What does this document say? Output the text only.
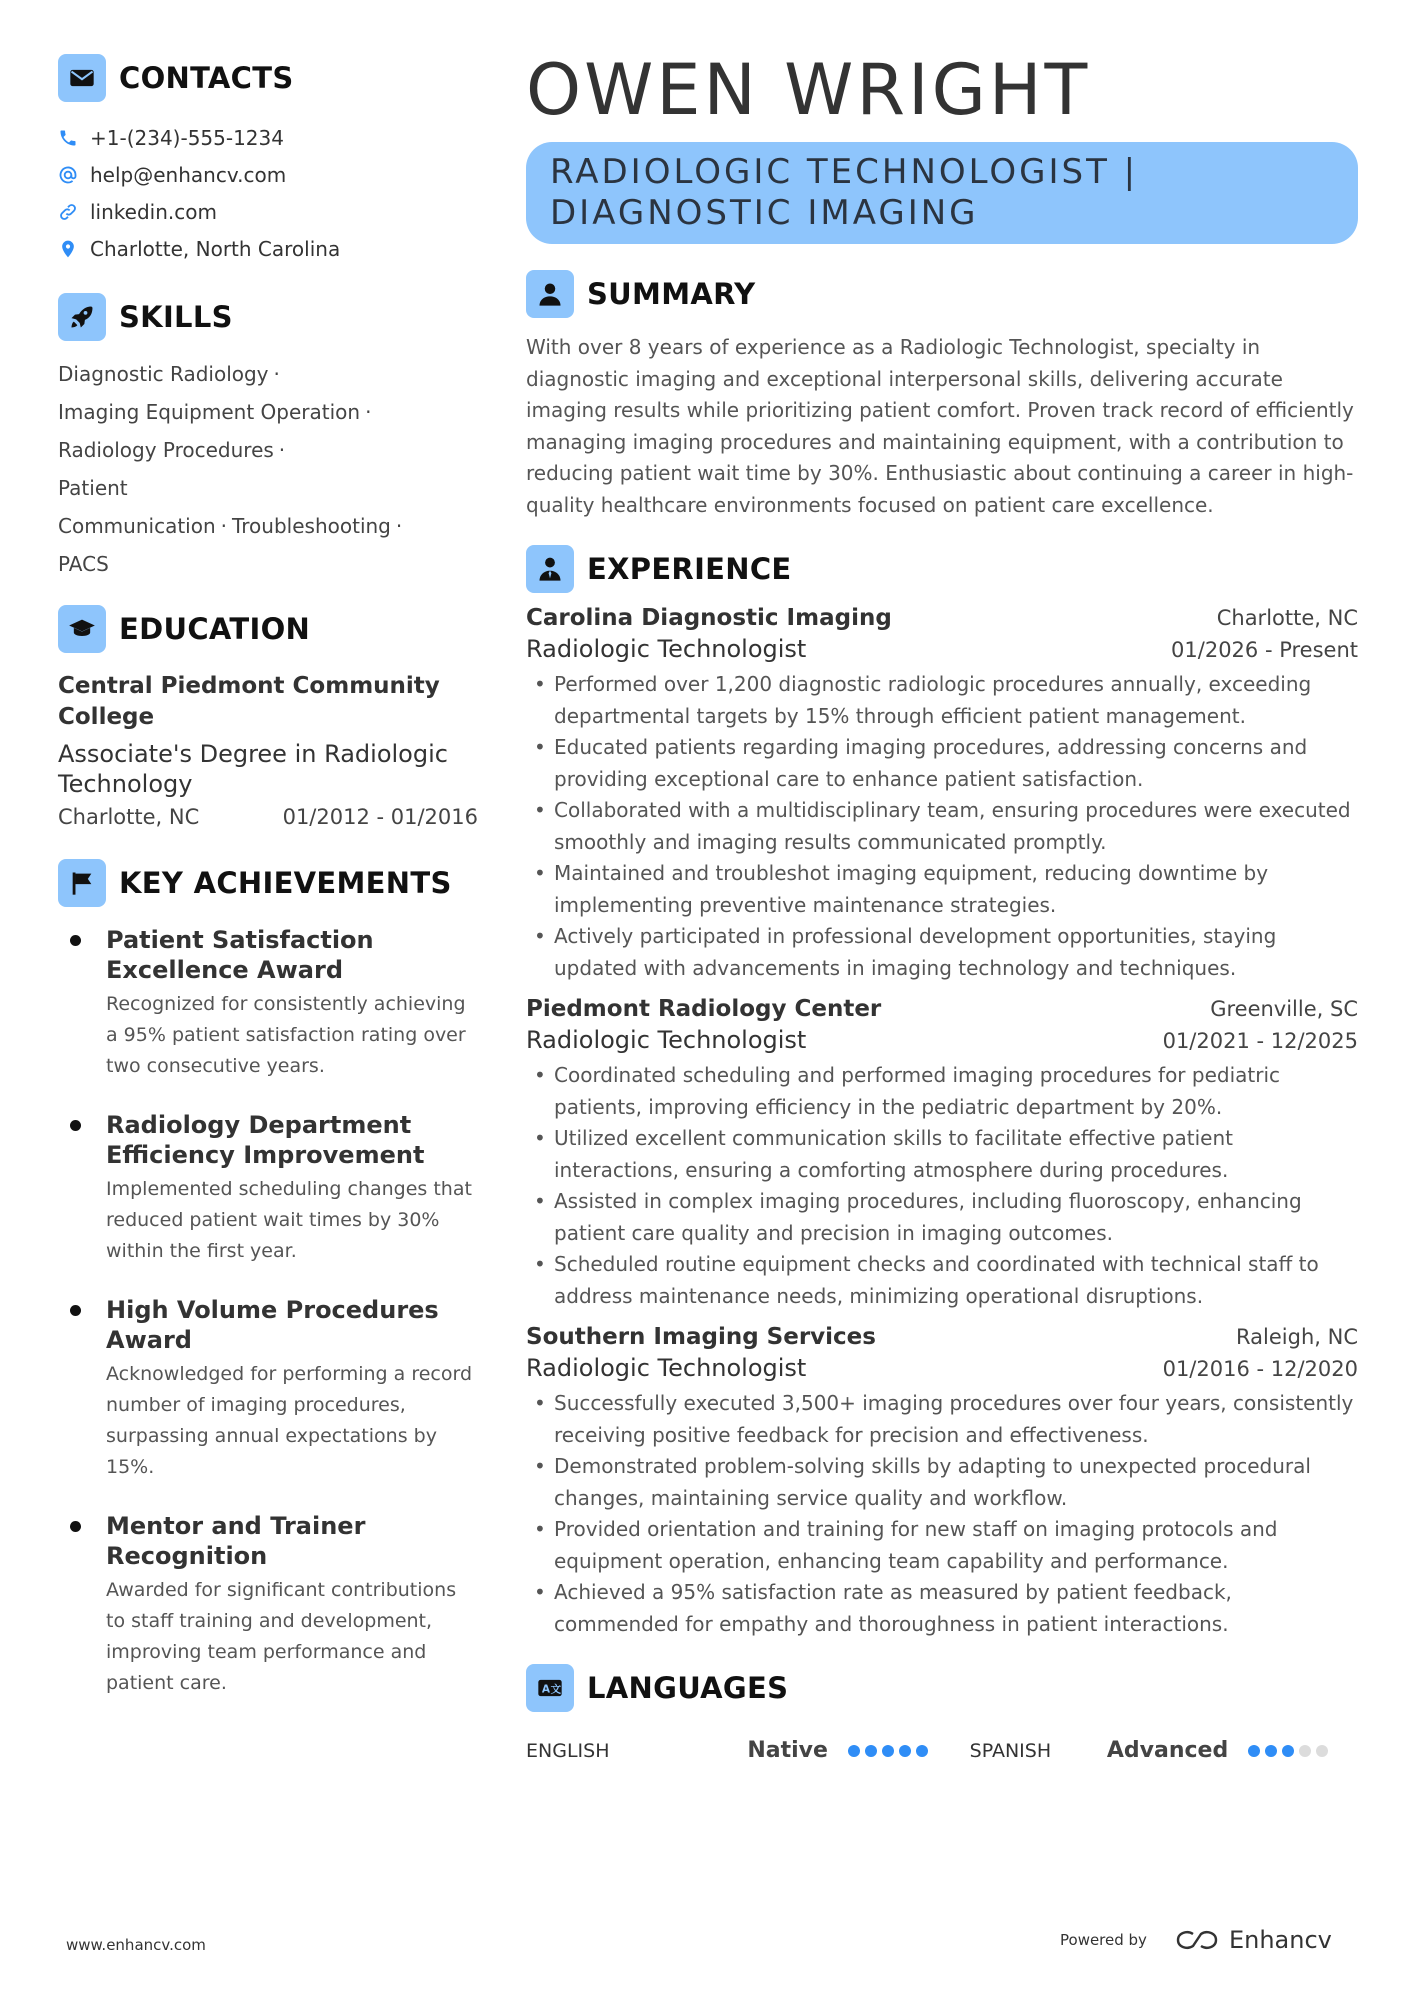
CONTACTS
+1-(234)-555-1234
help@enhancv.com
linkedin.com
Charlotte, North Carolina
SKILLS
Diagnostic Radiology ·
Imaging Equipment Operation ·
Radiology Procedures ·
Patient Communication · Troubleshooting ·
PACS
EDUCATION
Central Piedmont Community College
Associate's Degree in Radiologic Technology
Charlotte, NC	01/2012 - 01/2016
KEY ACHIEVEMENTS
Patient Satisfaction Excellence Award
Recognized for consistently achieving a 95% patient satisfaction rating over two consecutive years.
Radiology Department Efficiency Improvement
Implemented scheduling changes that reduced patient wait times by 30% within the first year.
High Volume Procedures Award
Acknowledged for performing a record number of imaging procedures, surpassing annual expectations by 15%.
Mentor and Trainer Recognition
Awarded for significant contributions to staff training and development, improving team performance and patient care.
OWEN WRIGHT
RADIOLOGIC TECHNOLOGIST | DIAGNOSTIC IMAGING
SUMMARY
With over 8 years of experience as a Radiologic Technologist, specialty in diagnostic imaging and exceptional interpersonal skills, delivering accurate imaging results while prioritizing patient comfort. Proven track record of efficiently managing imaging procedures and maintaining equipment, with a contribution to reducing patient wait time by 30%. Enthusiastic about continuing a career in high-quality healthcare environments focused on patient care excellence.
EXPERIENCE
Carolina Diagnostic Imaging	Charlotte, NC
Radiologic Technologist	01/2026 - Present
• Performed over 1,200 diagnostic radiologic procedures annually, exceeding departmental targets by 15% through efficient patient management.
• Educated patients regarding imaging procedures, addressing concerns and providing exceptional care to enhance patient satisfaction.
• Collaborated with a multidisciplinary team, ensuring procedures were executed smoothly and imaging results communicated promptly.
• Maintained and troubleshot imaging equipment, reducing downtime by implementing preventive maintenance strategies.
• Actively participated in professional development opportunities, staying updated with advancements in imaging technology and techniques.
Piedmont Radiology Center	Greenville, SC
Radiologic Technologist	01/2021 - 12/2025
• Coordinated scheduling and performed imaging procedures for pediatric patients, improving efficiency in the pediatric department by 20%.
• Utilized excellent communication skills to facilitate effective patient interactions, ensuring a comforting atmosphere during procedures.
• Assisted in complex imaging procedures, including fluoroscopy, enhancing patient care quality and precision in imaging outcomes.
• Scheduled routine equipment checks and coordinated with technical staff to address maintenance needs, minimizing operational disruptions.
Southern Imaging Services	Raleigh, NC
Radiologic Technologist	01/2016 - 12/2020
• Successfully executed 3,500+ imaging procedures over four years, consistently receiving positive feedback for precision and effectiveness.
• Demonstrated problem-solving skills by adapting to unexpected procedural changes, maintaining service quality and workflow.
• Provided orientation and training for new staff on imaging protocols and equipment operation, enhancing team capability and performance.
• Achieved a 95% satisfaction rate as measured by patient feedback, commended for empathy and thoroughness in patient interactions.
A 文 LANGUAGES
ENGLISH	Native	SPANISH	Advanced
www.enhancv.com	Powered by	Enhancv
